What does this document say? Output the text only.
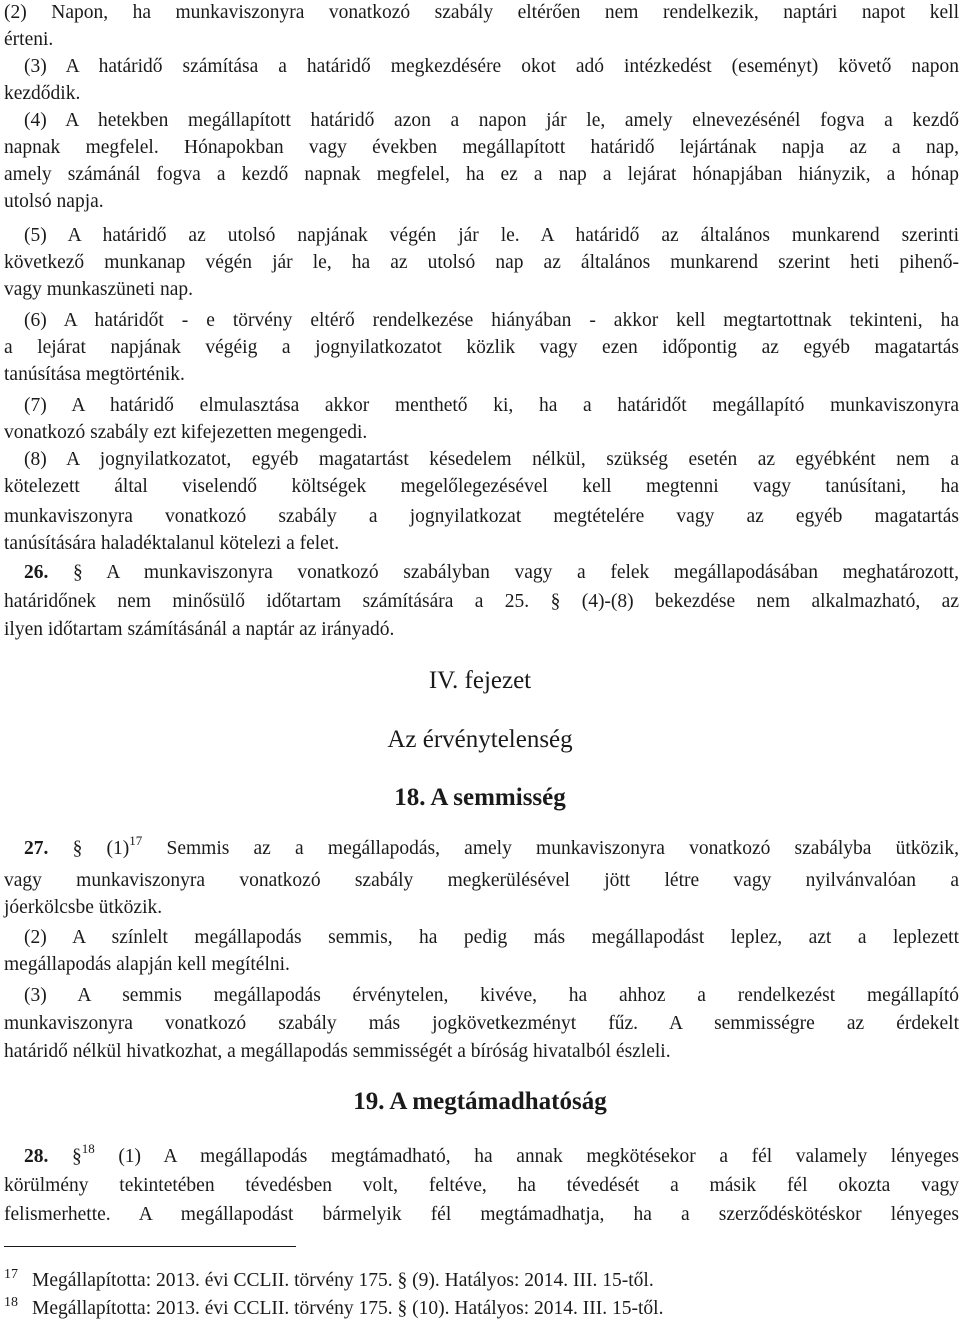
(2) Napon, ha munkaviszonyra vonatkozó szabály eltérően nem rendelkezik, naptári napot kell

érteni.

(3) A határidő számítása a határidő megkezdésére okot adó intézkedést (eseményt) követő napon

kezdődik.

(4) A hetekben megállapított határidő azon a napon jár le, amely elnevezésénél fogva a kezdő

napnak megfelel. Hónapokban vagy években megállapított határidő lejártának napja az a nap,

amely számánál fogva a kezdő napnak megfelel, ha ez a nap a lejárat hónapjában hiányzik, a hónap

utolsó napja.

(5) A határidő az utolsó napjának végén jár le. A határidő az általános munkarend szerinti

következő munkanap végén jár le, ha az utolsó nap az általános munkarend szerint heti pihenő-

vagy munkaszüneti nap.

(6) A határidőt - e törvény eltérő rendelkezése hiányában - akkor kell megtartottnak tekinteni, ha

a lejárat napjának végéig a jognyilatkozatot közlik vagy ezen időpontig az egyéb magatartás

tanúsítása megtörténik.

(7) A határidő elmulasztása akkor menthető ki, ha a határidőt megállapító munkaviszonyra

vonatkozó szabály ezt kifejezetten megengedi.

(8) A jognyilatkozatot, egyéb magatartást késedelem nélkül, szükség esetén az egyébként nem a

kötelezett által viselendő költségek megelőlegezésével kell megtenni vagy tanúsítani, ha

munkaviszonyra vonatkozó szabály a jognyilatkozat megtételére vagy az egyéb magatartás

tanúsítására haladéktalanul kötelezi a felet.

26. § A munkaviszonyra vonatkozó szabályban vagy a felek megállapodásában meghatározott,

határidőnek nem minősülő időtartam számítására a 25. § (4)-(8) bekezdése nem alkalmazható, az

ilyen időtartam számításánál a naptár az irányadó.

IV. fejezet

Az érvénytelenség

18. A semmisség

27. § $(1)^{17}$ Semmis az a megállapodás, amely munkaviszonyra vonatkozó szabályba ütközik,

vagy munkaviszonyra vonatkozó szabály megkerülésével jött létre vagy nyilvánvalóan a

jóerkölcsbe ütközik.

(2) A színlelt megállapodás semmis, ha pedig más megállapodást leplez, azt a leplezett

megállapodás alapján kell megítélni.

(3) A semmis megállapodás érvénytelen, kivéve, ha ahhoz a rendelkezést megállapító

munkaviszonyra vonatkozó szabály más jogkövetkezményt fűz. A semmisségre az érdekelt

határidő nélkül hivatkozhat, a megállapodás semmisségét a bíróság hivatalból észleli.

19. A megtámadhatóság

28. §$^{18}$ (1) A megállapodás megtámadható, ha annak megkötésekor a fél valamely lényeges

körülmény tekintetében tévedésben volt, feltéve, ha tévedését a másik fél okozta vagy

felismerhette. A megállapodást bármelyik fél megtámadhatja, ha a szerződéskötéskor lényeges

17 Megállapította: 2013. évi CCLII. törvény 175. § (9). Hatályos: 2014. III. 15-től.
18 Megállapította: 2013. évi CCLII. törvény 175. § (10). Hatályos: 2014. III. 15-től.
